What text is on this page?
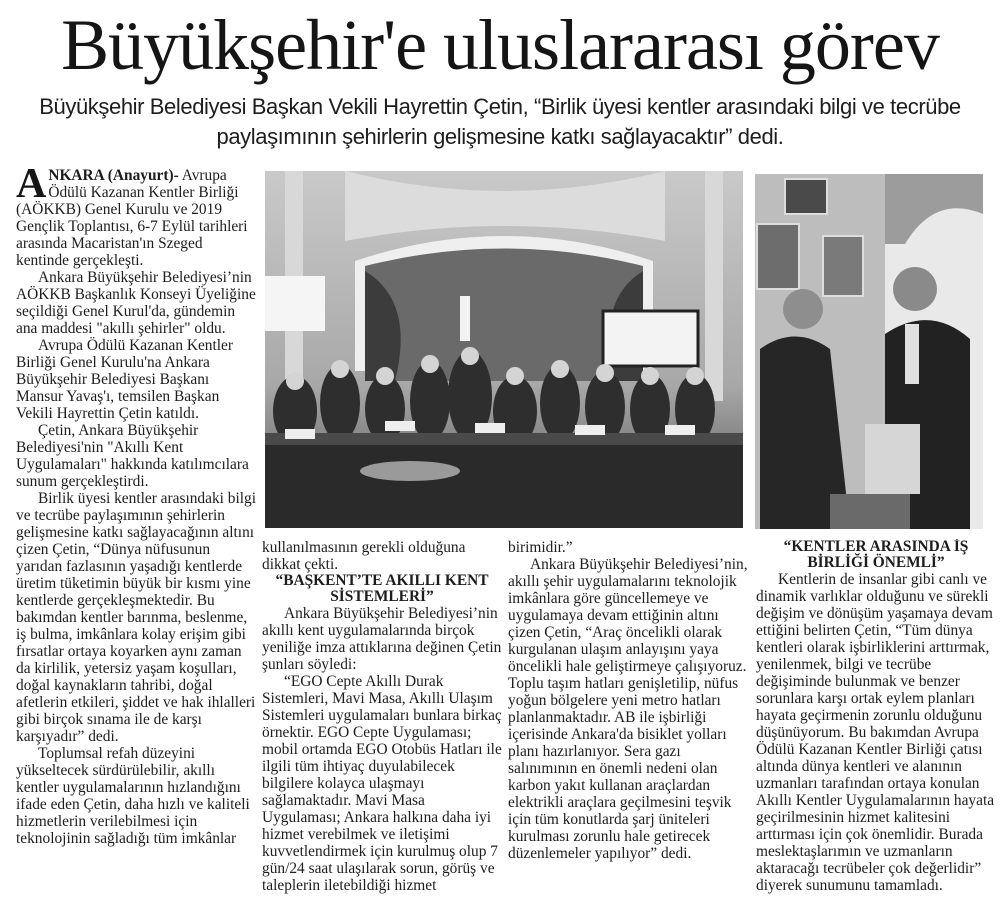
Büyükşehir'e uluslararası görev
Büyükşehir Belediyesi Başkan Vekili Hayrettin Çetin, “Birlik üyesi kentler arasındaki bilgi ve tecrübe paylaşımının şehirlerin gelişmesine katkı sağlayacaktır” dedi.

ANKARA (Anayurt)- Avrupa Ödülü Kazanan Kentler Birliği (AÖKKB) Genel Kurulu ve 2019 Gençlik Toplantısı, 6-7 Eylül tarihleri arasında Macaristan'ın Szeged kentinde gerçekleşti.

Ankara Büyükşehir Belediyesi’nin AÖKKB Başkanlık Konseyi Üyeliğine seçildiği Genel Kurul'da, gündemin ana maddesi "akıllı şehirler" oldu.

Avrupa Ödülü Kazanan Kentler Birliği Genel Kurulu'na Ankara Büyükşehir Belediyesi Başkanı Mansur Yavaş'ı, temsilen Başkan Vekili Hayrettin Çetin katıldı.

Çetin, Ankara Büyükşehir Belediyesi'nin "Akıllı Kent Uygulamaları" hakkında katılımcılara sunum gerçekleştirdi.

Birlik üyesi kentler arasındaki bilgi ve tecrübe paylaşımının şehirlerin gelişmesine katkı sağlayacağının altını çizen Çetin, “Dünya nüfusunun yarıdan fazlasının yaşadığı kentlerde üretim tüketimin büyük bir kısmı yine kentlerde gerçekleşmektedir. Bu bakımdan kentler barınma, beslenme, iş bulma, imkânlara kolay erişim gibi fırsatlar ortaya koyarken aynı zaman da kirlilik, yetersiz yaşam koşulları, doğal kaynakların tahribi, doğal afetlerin etkileri, şiddet ve hak ihlalleri gibi birçok sınama ile de karşı karşıyadır” dedi.

Toplumsal refah düzeyini yükseltecek sürdürülebilir, akıllı kentler uygulamalarının hızlandığını ifade eden Çetin, daha hızlı ve kaliteli hizmetlerin verilebilmesi için teknolojinin sağladığı tüm imkânlar

kullanılmasının gerekli olduğuna dikkat çekti.

“BAŞKENT’TE AKILLI KENT SİSTEMLERİ”

Ankara Büyükşehir Belediyesi’nin akıllı kent uygulamalarında birçok yeniliğe imza attıklarına değinen Çetin şunları söyledi:

“EGO Cepte Akıllı Durak Sistemleri, Mavi Masa, Akıllı Ulaşım Sistemleri uygulamaları bunlara birkaç örnektir. EGO Cepte Uygulaması; mobil ortamda EGO Otobüs Hatları ile ilgili tüm ihtiyaç duyulabilecek bilgilere kolayca ulaşmayı sağlamaktadır. Mavi Masa Uygulaması; Ankara halkına daha iyi hizmet verebilmek ve iletişimi kuvvetlendirmek için kurulmuş olup 7 gün/24 saat ulaşılarak sorun, görüş ve taleplerin iletebildiği hizmet

birimidir.”

Ankara Büyükşehir Belediyesi’nin, akıllı şehir uygulamalarını teknolojik imkânlara göre güncellemeye ve uygulamaya devam ettiğinin altını çizen Çetin, “Araç öncelikli olarak kurgulanan ulaşım anlayışını yaya öncelikli hale geliştirmeye çalışıyoruz. Toplu taşım hatları genişletilip, nüfus yoğun bölgelere yeni metro hatları planlanmaktadır. AB ile işbirliği içerisinde Ankara'da bisiklet yolları planı hazırlanıyor. Sera gazı salınımının en önemli nedeni olan karbon yakıt kullanan araçlardan elektrikli araçlara geçilmesini teşvik için tüm konutlarda şarj üniteleri kurulması zorunlu hale getirecek düzenlemeler yapılıyor” dedi.

“KENTLER ARASINDA İŞ BİRLİĞİ ÖNEMLİ”

Kentlerin de insanlar gibi canlı ve dinamik varlıklar olduğunu ve sürekli değişim ve dönüşüm yaşamaya devam ettiğini belirten Çetin, “Tüm dünya kentleri olarak işbirliklerini arttırmak, yenilenmek, bilgi ve tecrübe değişiminde bulunmak ve benzer sorunlara karşı ortak eylem planları hayata geçirmenin zorunlu olduğunu düşünüyorum. Bu bakımdan Avrupa Ödülü Kazanan Kentler Birliği çatısı altında dünya kentleri ve alanının uzmanları tarafından ortaya konulan Akıllı Kentler Uygulamalarının hayata geçirilmesinin hizmet kalitesini arttırması için çok önemlidir. Burada meslektaşlarımın ve uzmanların aktaracağı tecrübeler çok değerlidir” diyerek sunumunu tamamladı.
